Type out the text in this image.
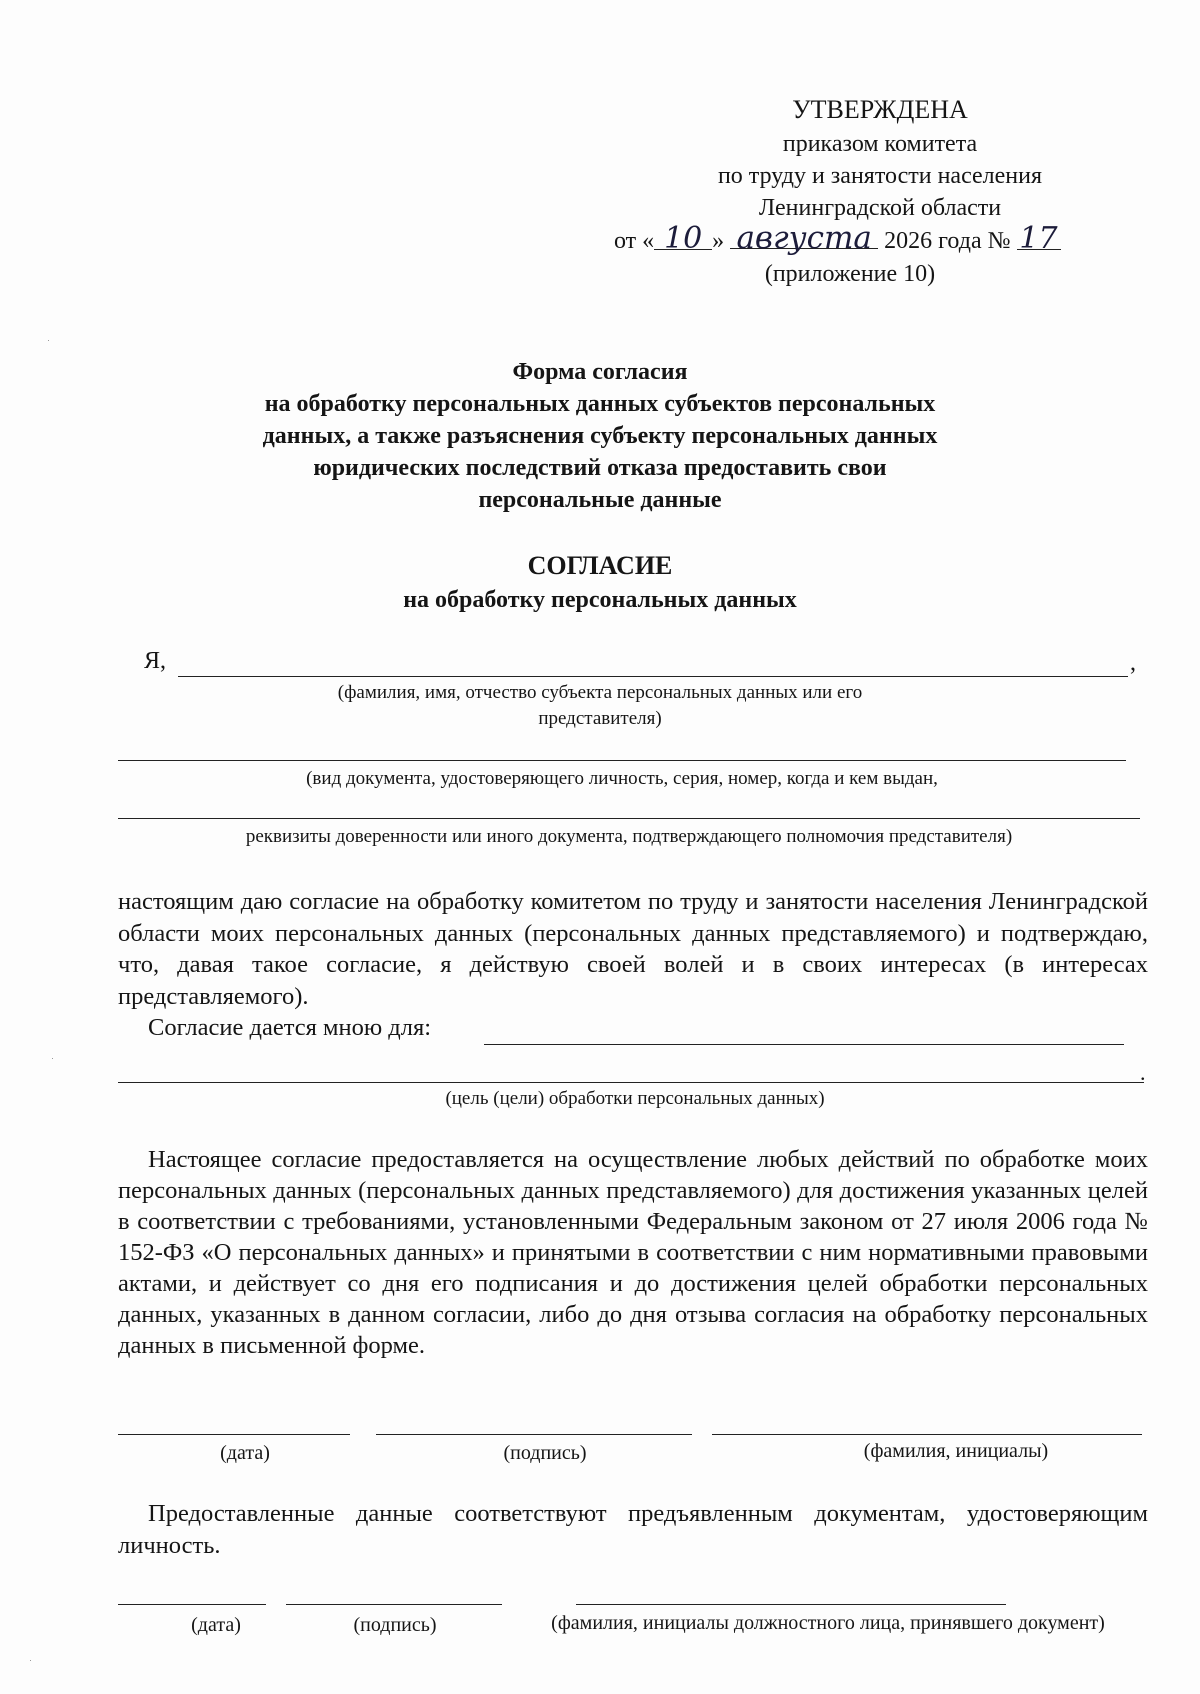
УТВЕРЖДЕНА
приказом комитета
по труду и занятости населения
Ленинградской области
от « 10 » августа 2026 года № 17
(приложение 10)
Форма согласия
на обработку персональных данных субъектов персональных
данных, а также разъяснения субъекту персональных данных
юридических последствий отказа предоставить свои
персональные данные
СОГЛАСИЕ
на обработку персональных данных
Я,	,
(фамилия, имя, отчество субъекта персональных данных или его
представителя)
(вид документа, удостоверяющего личность, серия, номер, когда и кем выдан,
реквизиты доверенности или иного документа, подтверждающего полномочия представителя)

настоящим даю согласие на обработку комитетом по труду и занятости населения Ленинградской области моих персональных данных (персональных данных представляемого) и подтверждаю, что, давая такое согласие, я действую своей волей и в своих интересах (в интересах представляемого).

Согласие дается мною для:
.
(цель (цели) обработки персональных данных)

Настоящее согласие предоставляется на осуществление любых действий по обработке моих персональных данных (персональных данных представляемого) для достижения указанных целей в соответствии с требованиями, установленными Федеральным законом от 27 июля 2006 года № 152-ФЗ «О персональных данных» и принятыми в соответствии с ним нормативными правовыми актами, и действует со дня его подписания и до достижения целей обработки персональных данных, указанных в данном согласии, либо до дня отзыва согласия на обработку персональных данных в письменной форме.

(дата)	(подпись)	(фамилия, инициалы)

Предоставленные данные соответствуют предъявленным документам, удостоверяющим личность.

(дата)	(подпись)	(фамилия, инициалы должностного лица, принявшего документ)
